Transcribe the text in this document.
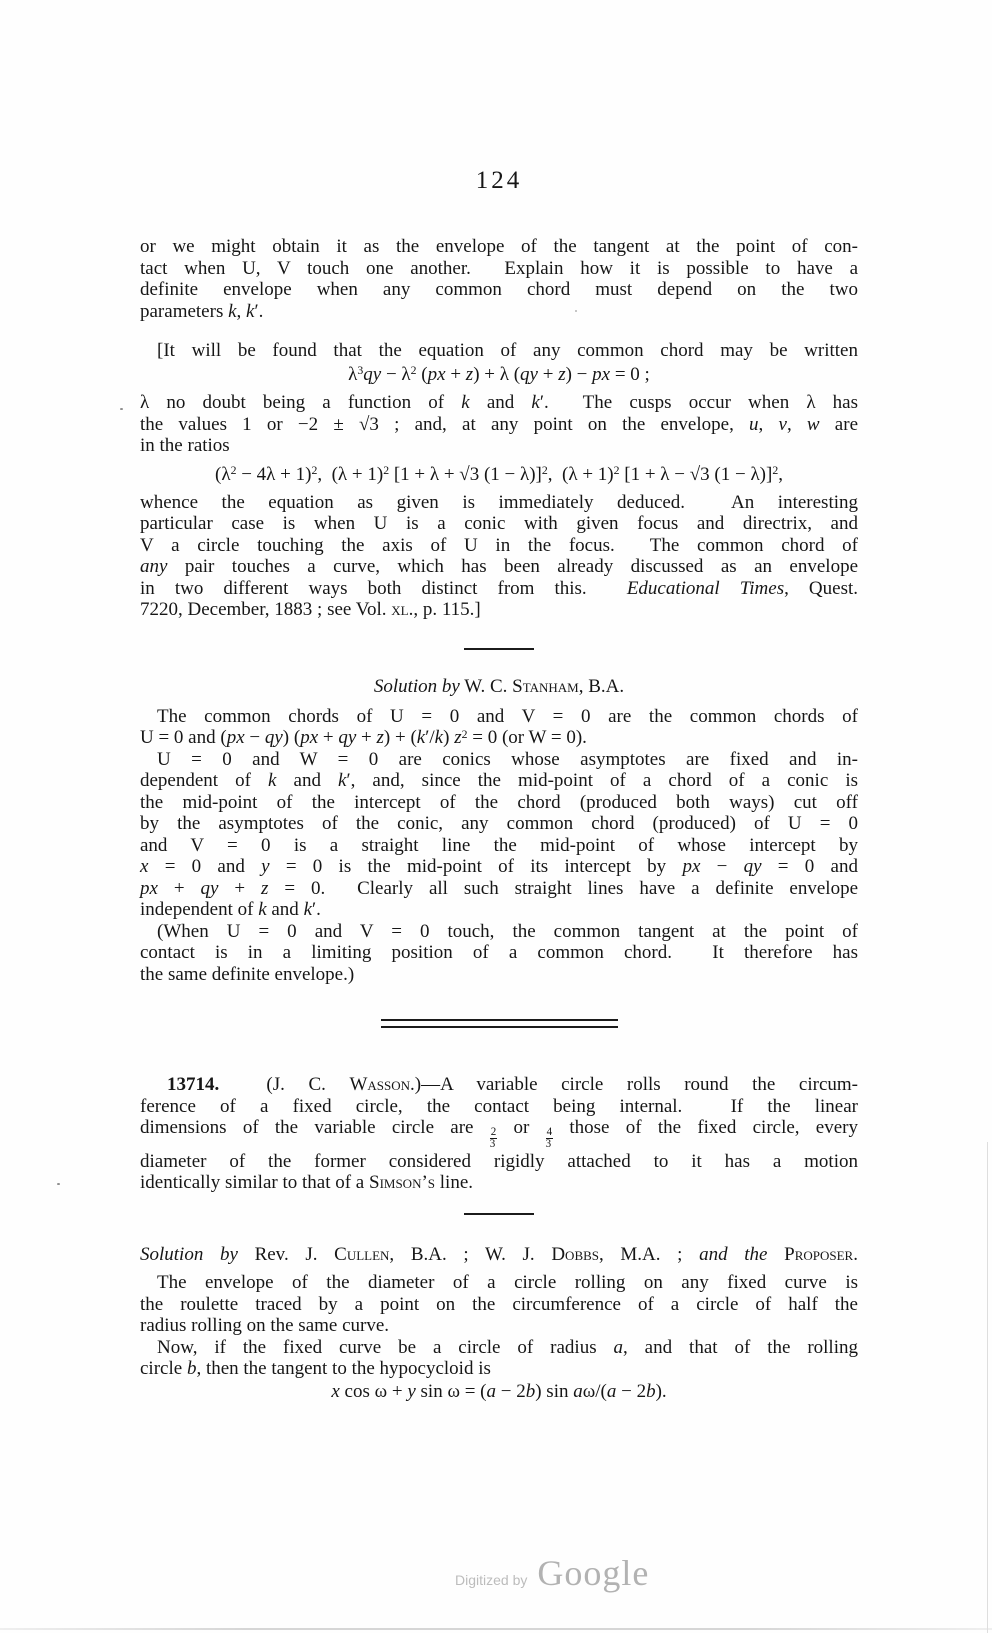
124
or we might obtain it as the envelope of the tangent at the point of con-
tact when U, V touch one another.  Explain how it is possible to have a
definite envelope when any common chord must depend on the two
parameters k, k′.
[It will be found that the equation of any common chord may be written
$\lambda^3qy - \lambda^2$ (px + z) + λ (qy + z) − px = 0 ;
λ no doubt being a function of k and k′.  The cusps occur when λ has
the values 1 or −2 ± √3 ; and, at any point on the envelope, u, v, w are
in the ratios
$(\lambda^2 - 4\lambda + 1)^2$,  $(\lambda + 1)^2$ [1 + λ + √3 (1 − λ)]$^2$,  $(\lambda + 1)^2$ [1 + λ − √3 (1 − λ)]$^2$,
whence the equation as given is immediately deduced.  An interesting
particular case is when U is a conic with given focus and directrix, and
V a circle touching the axis of U in the focus.  The common chord of
any pair touches a curve, which has been already discussed as an envelope
in two different ways both distinct from this.  Educational Times, Quest.
7220, December, 1883 ; see Vol. xl., p. 115.]
Solution by W. C. Stanham, B.A.
The common chords of U = 0 and V = 0 are the common chords of
U = 0 and (px − qy) (px + qy + z) + (k′/k) $z^2 = 0$ (or W = 0).
U = 0 and W = 0 are conics whose asymptotes are fixed and in-
dependent of k and k′, and, since the mid-point of a chord of a conic is
the mid-point of the intercept of the chord (produced both ways) cut off
by the asymptotes of the conic, any common chord (produced) of U = 0
and V = 0 is a straight line the mid-point of whose intercept by
x = 0 and y = 0 is the mid-point of its intercept by px − qy = 0 and
px + qy + z = 0.  Clearly all such straight lines have a definite envelope
independent of k and k′.
(When U = 0 and V = 0 touch, the common tangent at the point of
contact is in a limiting position of a common chord.  It therefore has
the same definite envelope.)
13714.  (J. C. Wasson.)—A variable circle rolls round the circum-
ference of a fixed circle, the contact being internal.  If the linear
dimensions of the variable circle are $\frac{2}{3}$ or $\frac{4}{3}$ those of the fixed circle, every
diameter of the former considered rigidly attached to it has a motion
identically similar to that of a Simson’s line.
Solution by Rev. J. Cullen, B.A. ; W. J. Dobbs, M.A. ; and the Proposer.
The envelope of the diameter of a circle rolling on any fixed curve is
the roulette traced by a point on the circumference of a circle of half the
radius rolling on the same curve.
Now, if the fixed curve be a circle of radius a, and that of the rolling
circle b, then the tangent to the hypocycloid is
x cos ω + y sin ω = (a − 2b) sin aω/(a − 2b).
Digitized by Google
